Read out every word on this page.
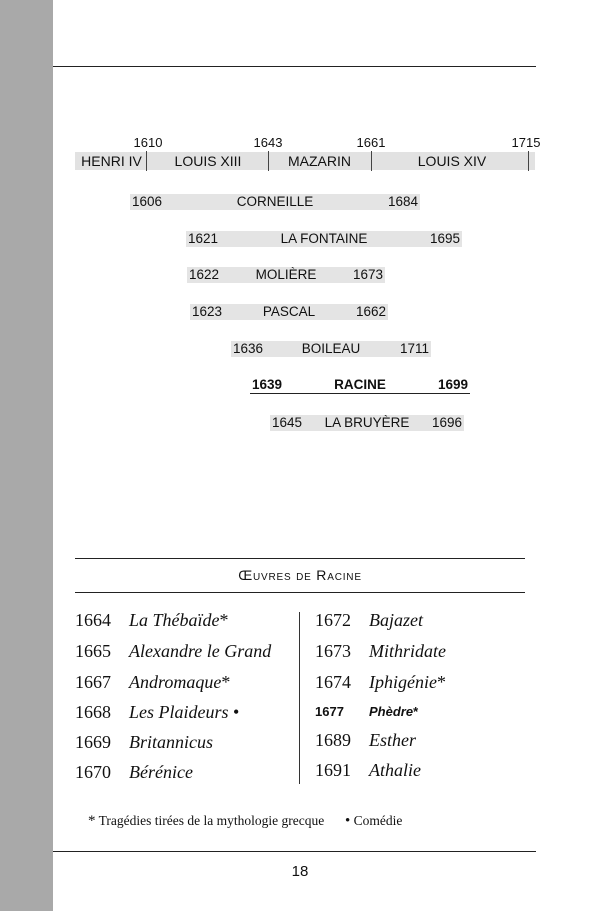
1610	1643	1661	1715
HENRI IV	LOUIS XIII	MAZARIN	LOUIS XIV
1606	CORNEILLE	1684
1621	LA FONTAINE	1695
1622	MOLIÈRE	1673
1623	PASCAL	1662
1636	BOILEAU	1711
1639	RACINE	1699
1645 LA BRUYÈRE 1696
Œuvres de Racine
1664 La Thébaïde*
1665 Alexandre le Grand
1667 Andromaque*
1668 Les Plaideurs •
1669 Britannicus
1670 Bérénice
1672 Bajazet
1673 Mithridate
1674 Iphigénie*
1677 Phèdre*
1689 Esther
1691 Athalie
* Tragédies tirées de la mythologie grecque • Comédie
18
